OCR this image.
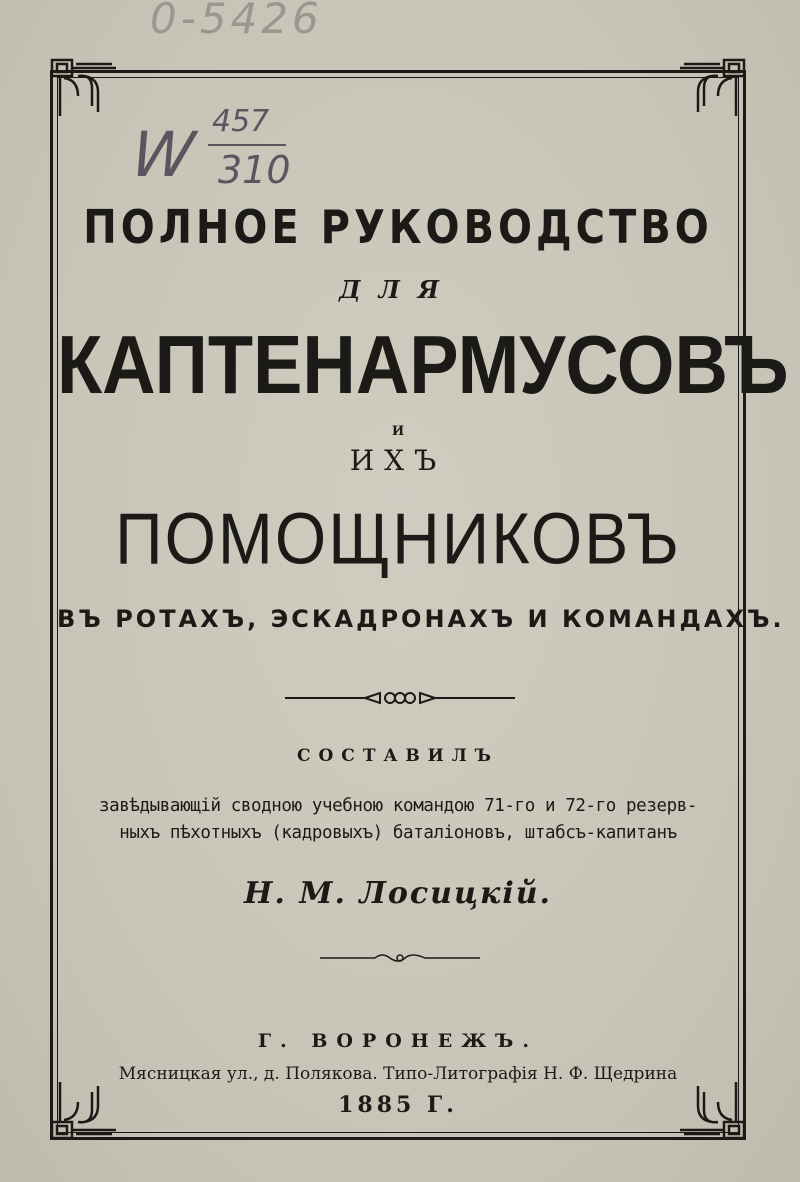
0-5426
W 457
310
ПОЛНОЕ РУКОВОДСТВО
ДЛЯ
КАПТЕНАРМУСОВЪ
И
ИХЪ
ПОМОЩНИКОВЪ
ВЪ РОТАХЪ, ЭСКАДРОНАХЪ И КОМАНДАХЪ.
СОСТАВИЛЪ
завѣдывающій сводною учебною командою 71-го и 72-го резерв-
ныхъ пѣхотныхъ (кадровыхъ) баталіоновъ, штабсъ-капитанъ
Н. М. Лосицкій.
Г. ВОРОНЕЖЪ.
Мясницкая ул., д. Полякова. Типо-Литографія Н. Ф. Щедрина
1885 Г.
